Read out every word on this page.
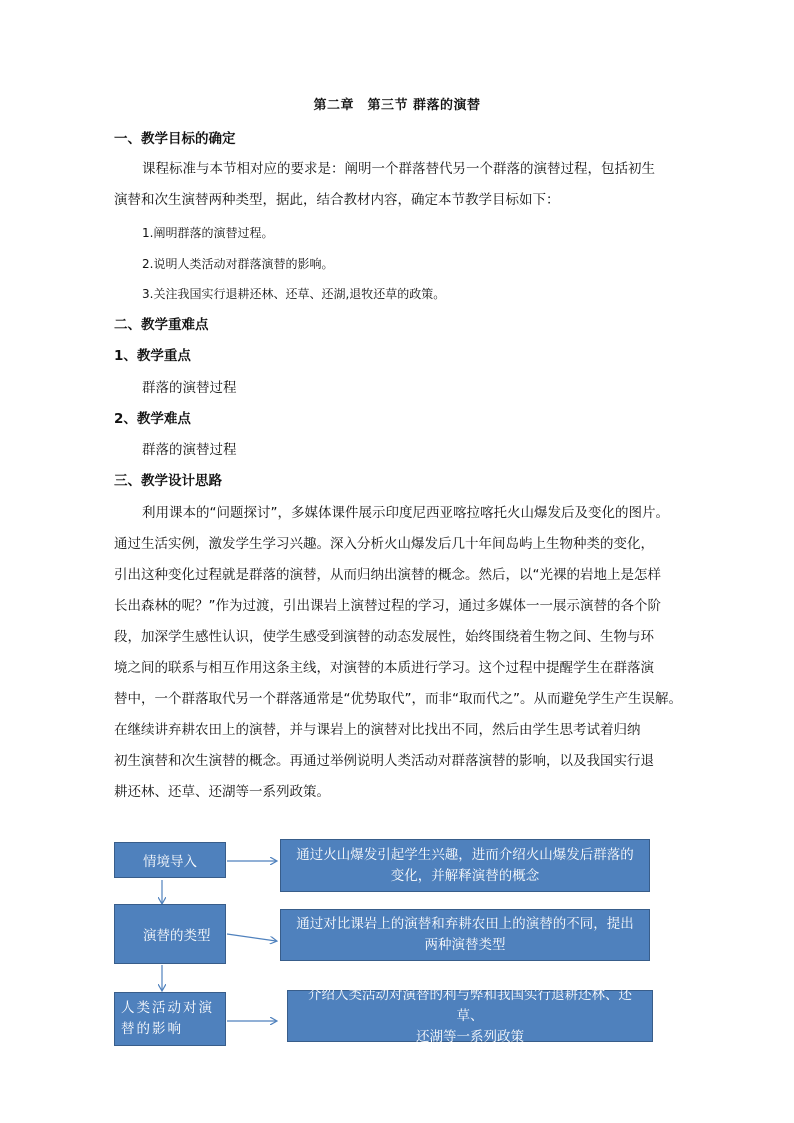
第二章　第三节 群落的演替
一、教学目标的确定
课程标准与本节相对应的要求是：阐明一个群落替代另一个群落的演替过程，包括初生
演替和次生演替两种类型，据此，结合教材内容，确定本节教学目标如下：
1.阐明群落的演替过程。
2.说明人类活动对群落演替的影响。
3.关注我国实行退耕还林、还草、还湖,退牧还草的政策。
二、教学重难点
1、教学重点
群落的演替过程
2、教学难点
群落的演替过程
三、教学设计思路
利用课本的“问题探讨”，多媒体课件展示印度尼西亚喀拉喀托火山爆发后及变化的图片。
通过生活实例，激发学生学习兴趣。深入分析火山爆发后几十年间岛屿上生物种类的变化，
引出这种变化过程就是群落的演替，从而归纳出演替的概念。然后，以“光裸的岩地上是怎样
长出森林的呢？”作为过渡，引出课岩上演替过程的学习，通过多媒体一一展示演替的各个阶
段，加深学生感性认识，使学生感受到演替的动态发展性，始终围绕着生物之间、生物与环
境之间的联系与相互作用这条主线，对演替的本质进行学习。这个过程中提醒学生在群落演
替中，一个群落取代另一个群落通常是“优势取代”，而非“取而代之”。从而避免学生产生误解。
在继续讲弃耕农田上的演替，并与课岩上的演替对比找出不同，然后由学生思考试着归纳
初生演替和次生演替的概念。再通过举例说明人类活动对群落演替的影响，以及我国实行退
耕还林、还草、还湖等一系列政策。
情境导入
演替的类型
人类活动对演替的影响
通过火山爆发引起学生兴趣，进而介绍火山爆发后群落的
变化，并解释演替的概念
通过对比课岩上的演替和弃耕农田上的演替的不同，提出
两种演替类型
介绍人类活动对演替的利与弊和我国实行退耕还林、还草、
还湖等一系列政策
